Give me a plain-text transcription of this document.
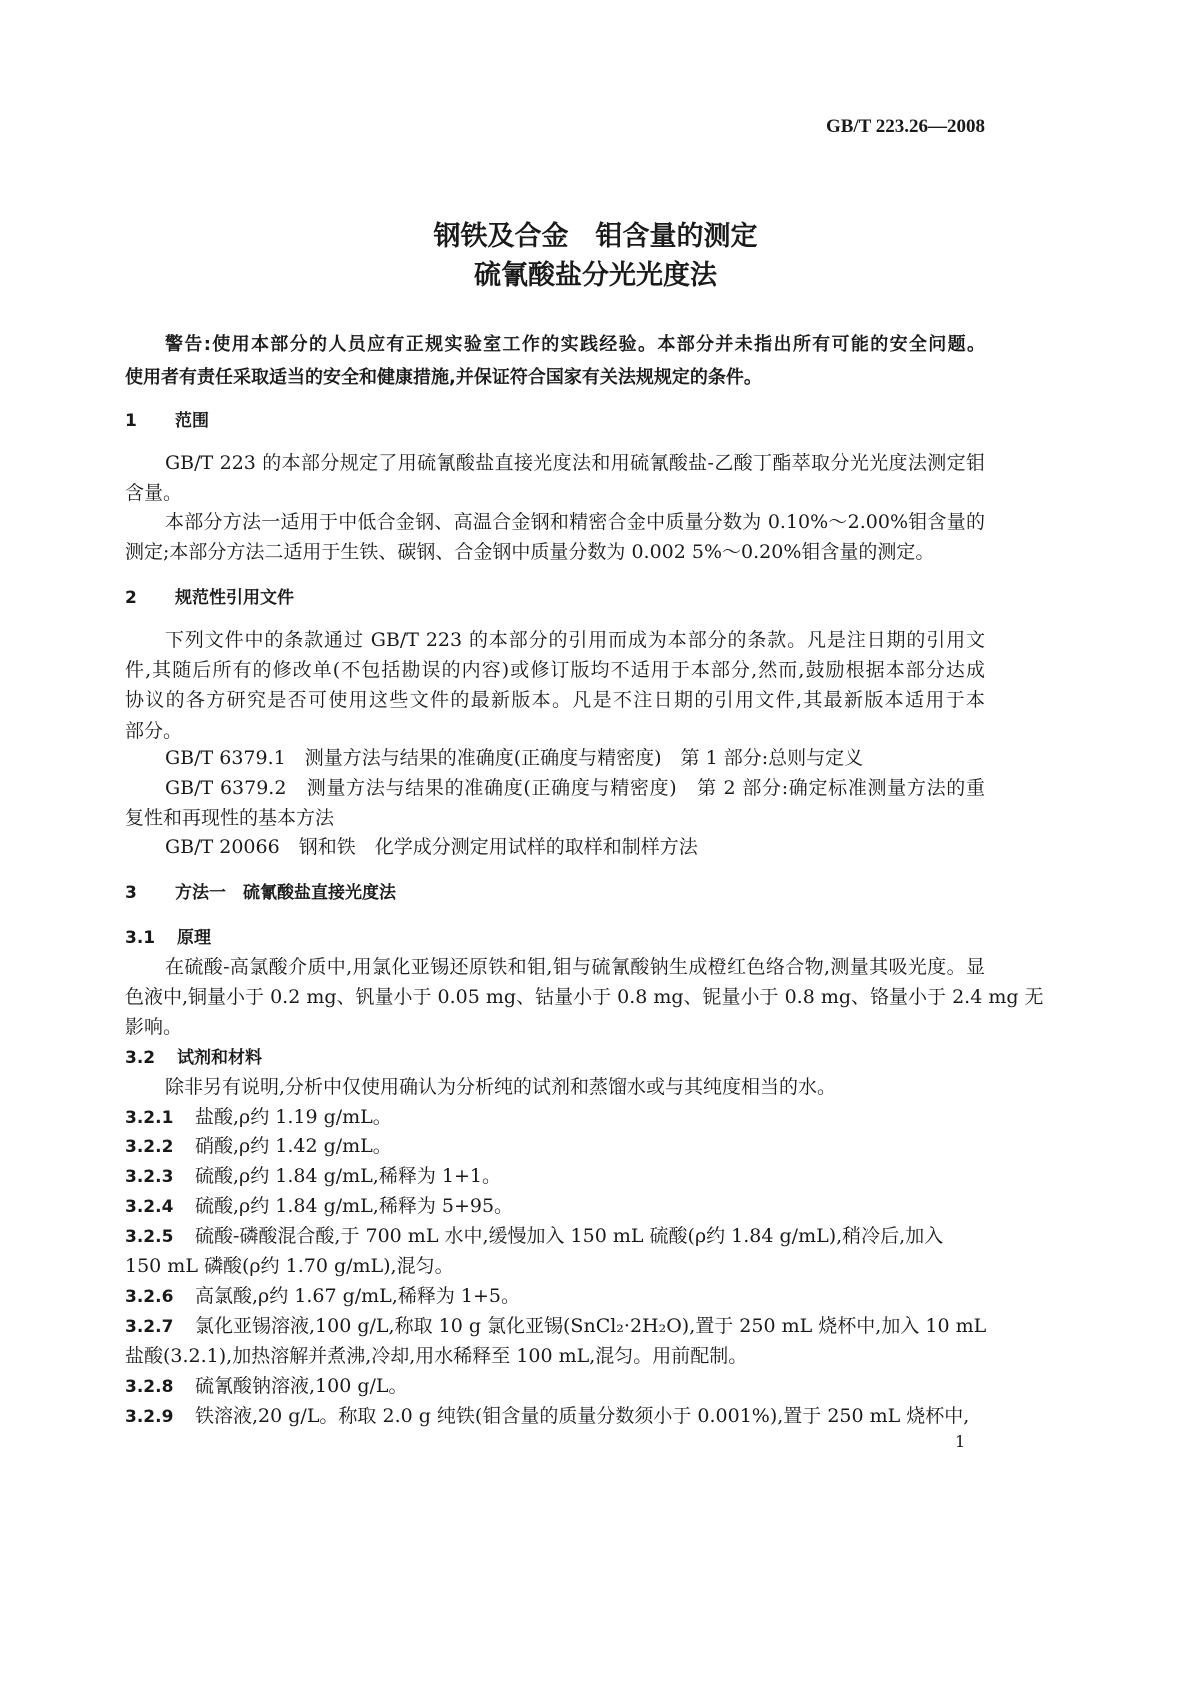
GB/T 223.26—2008
钢铁及合金　钼含量的测定
硫氰酸盐分光光度法
警告:使用本部分的人员应有正规实验室工作的实践经验。本部分并未指出所有可能的安全问题。
使用者有责任采取适当的安全和健康措施,并保证符合国家有关法规规定的条件。
1 范围
GB/T 223 的本部分规定了用硫氰酸盐直接光度法和用硫氰酸盐-乙酸丁酯萃取分光光度法测定钼
含量。
本部分方法一适用于中低合金钢、高温合金钢和精密合金中质量分数为 0.10%～2.00%钼含量的
测定;本部分方法二适用于生铁、碳钢、合金钢中质量分数为 0.002 5%～0.20%钼含量的测定。
2 规范性引用文件
下列文件中的条款通过 GB/T 223 的本部分的引用而成为本部分的条款。凡是注日期的引用文
件,其随后所有的修改单(不包括勘误的内容)或修订版均不适用于本部分,然而,鼓励根据本部分达成
协议的各方研究是否可使用这些文件的最新版本。凡是不注日期的引用文件,其最新版本适用于本
部分。
GB/T 6379.1　测量方法与结果的准确度(正确度与精密度)　第 1 部分:总则与定义
GB/T 6379.2　测量方法与结果的准确度(正确度与精密度)　第 2 部分:确定标准测量方法的重
复性和再现性的基本方法
GB/T 20066　钢和铁　化学成分测定用试样的取样和制样方法
3 方法一　硫氰酸盐直接光度法
3.1 原理
在硫酸-高氯酸介质中,用氯化亚锡还原铁和钼,钼与硫氰酸钠生成橙红色络合物,测量其吸光度。显
色液中,铜量小于 0.2 mg、钒量小于 0.05 mg、钴量小于 0.8 mg、铌量小于 0.8 mg、铬量小于 2.4 mg 无
影响。
3.2 试剂和材料
除非另有说明,分析中仅使用确认为分析纯的试剂和蒸馏水或与其纯度相当的水。
3.2.1 盐酸,ρ约 1.19 g/mL。
3.2.2 硝酸,ρ约 1.42 g/mL。
3.2.3 硫酸,ρ约 1.84 g/mL,稀释为 1+1。
3.2.4 硫酸,ρ约 1.84 g/mL,稀释为 5+95。
3.2.5 硫酸-磷酸混合酸,于 700 mL 水中,缓慢加入 150 mL 硫酸(ρ约 1.84 g/mL),稍冷后,加入
150 mL 磷酸(ρ约 1.70 g/mL),混匀。
3.2.6 高氯酸,ρ约 1.67 g/mL,稀释为 1+5。
3.2.7 氯化亚锡溶液,100 g/L,称取 10 g 氯化亚锡(SnCl₂·2H₂O),置于 250 mL 烧杯中,加入 10 mL
盐酸(3.2.1),加热溶解并煮沸,冷却,用水稀释至 100 mL,混匀。用前配制。
3.2.8 硫氰酸钠溶液,100 g/L。
3.2.9 铁溶液,20 g/L。称取 2.0 g 纯铁(钼含量的质量分数须小于 0.001%),置于 250 mL 烧杯中,
1
